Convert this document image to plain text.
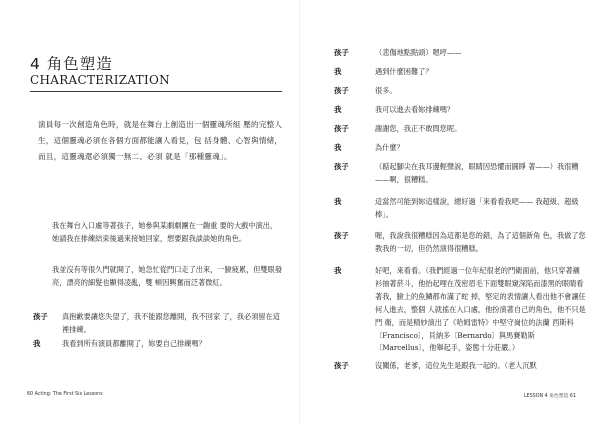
4 角色塑造
CHARACTERIZATION

演員每一次創造角色時，就是在舞台上創造出一個靈魂所組 壓的完整人生，這個靈魂必須在各個方面都能讓人看見，包 括身體、心智與情緒，而且，這靈魂還必須獨一無二、必須 就是「那種靈魂」。

我在舞台入口處等著孩子，她參與某劇劇團在一齣重 要的大戲中演出，她請我在排練結束後過來接她回家，想要跟我談談她的角色。

我並沒有等很久門就開了，她急忙從門口走了出來，一臉疲累，但雙眼發亮，漂亮的細髮也顯得凌亂，雙 頰因興奮而泛著微紅。

孩子 真抱歉要讓您失望了，我不能跟您離開，我不回家 了，我必須留在這裡排練。
我	我看到所有演員都離開了，妳要自己排練嗎？
60 Acting: The First Six Lessons
孩子	（悲傷地點點頭）嗯哼——
我	遇到什麼困難了？
孩子	很多。
我	我可以進去看妳排練嗎？
孩子	謝謝您，我正不敢問您呢。
我	為什麼？
孩子	（踮起腳尖在我耳邊輕聲說，眼睛因恐懼而圓睜 著——）我很糟——啊，很糟糕。
我	這當然可能到妳這樣說，總好過「來看看我吧—— 我超級、超級棒」。
孩子	喔，我說我很糟糕因為這都是您的錯，為了這個新角 色，我做了您教我的一切，但仍然演得很糟糕。
我	好吧，來看看。（我們經過一位年紀很老的門衛面前，他只穿著襯衫抽著菸斗，他抬起哩在茂密眉毛下面雙眼窺深陷而漆黑的眼睛看著我，臉上的魚鱗都布滿了蛇 掉，堅定的表情讓人看出他不會讓任何人進去，整個 人就搖在入口處，他扮演著自己的角色，他不只是門 衛，而是精妙演出了《哈姆雷特》中堅守崗位的法蘭 西斯科〔Francisco〕，貝納多〔Bernardo〕與馬賽勒斯 〔Marcellus〕，他舉起手，姿態十分莊嚴。）
孩子	沒關係，老爹，這位先生是跟我一起的。（老人沉默
LESSON 4 角色塑造 61
